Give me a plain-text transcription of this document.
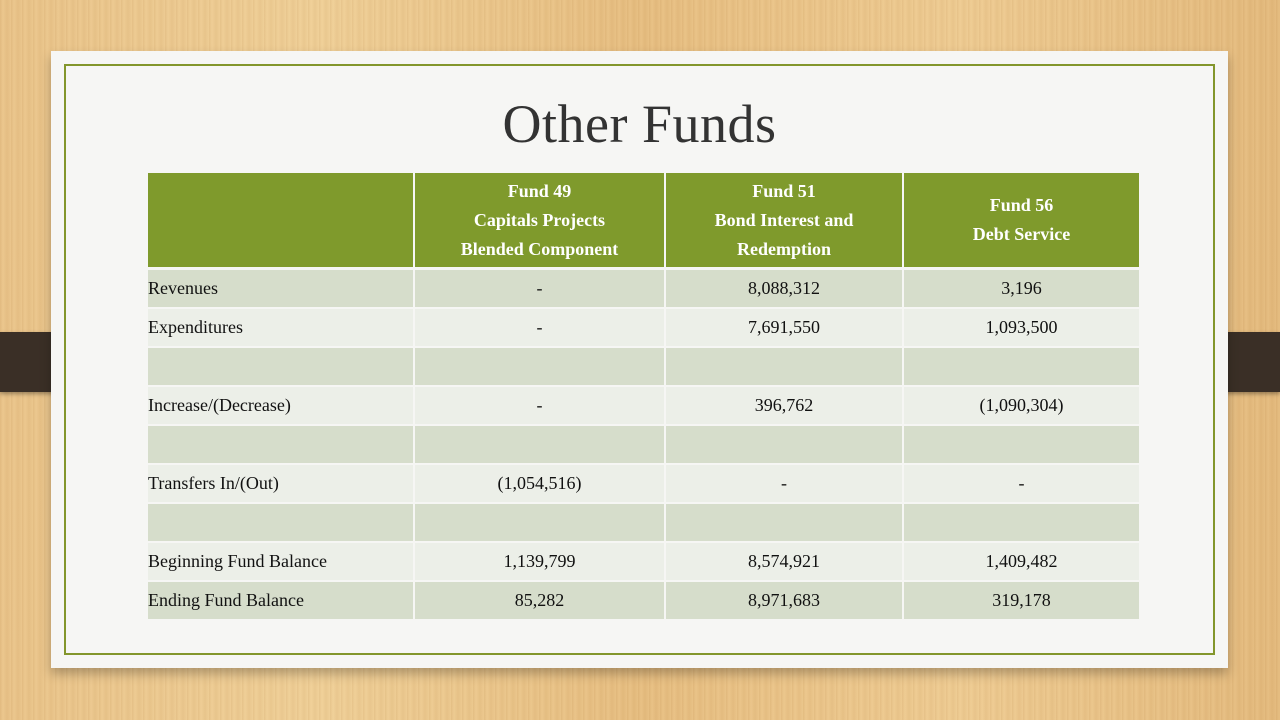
Other Funds
	Fund 49
Capitals Projects
Blended Component	Fund 51
Bond Interest and
Redemption	Fund 56
Debt Service
Revenues	-	8,088,312	3,196
Expenditures	-	7,691,550	1,093,500

Increase/(Decrease)	-	396,762	(1,090,304)

Transfers In/(Out)	(1,054,516)	-	-

Beginning Fund Balance	1,139,799	8,574,921	1,409,482
Ending Fund Balance	85,282	8,971,683	319,178
